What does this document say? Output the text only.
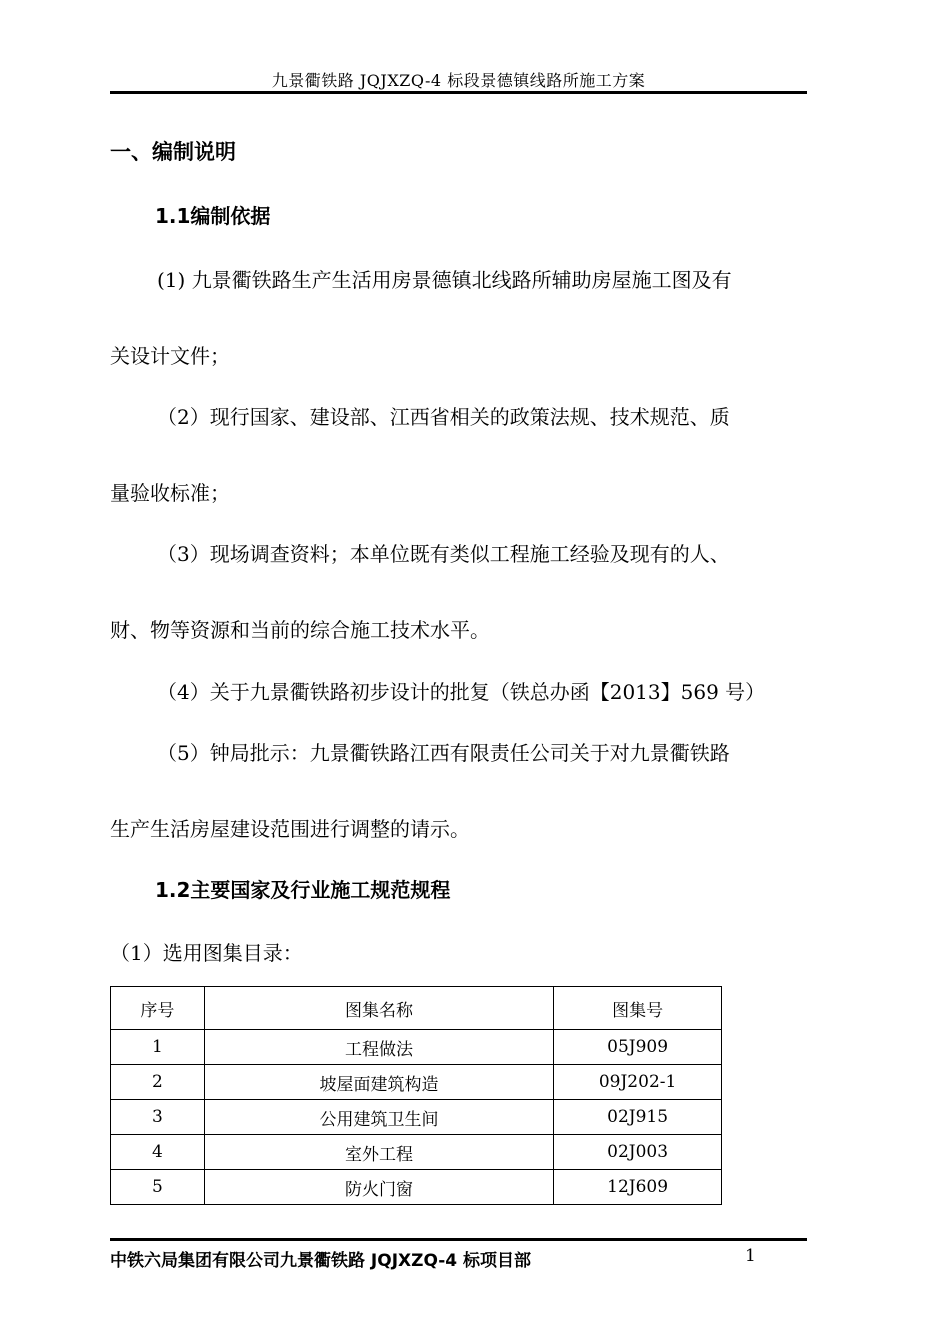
九景衢铁路 JQJXZQ-4 标段景德镇线路所施工方案
一、编制说明
1.1编制依据
(1) 九景衢铁路生产生活用房景德镇北线路所辅助房屋施工图及有
关设计文件；
（2）现行国家、建设部、江西省相关的政策法规、技术规范、质
量验收标准；
（3）现场调查资料；本单位既有类似工程施工经验及现有的人、
财、物等资源和当前的综合施工技术水平。
（4）关于九景衢铁路初步设计的批复（铁总办函【2013】569 号）
（5）钟局批示：九景衢铁路江西有限责任公司关于对九景衢铁路
生产生活房屋建设范围进行调整的请示。
1.2主要国家及行业施工规范规程
（1）选用图集目录：
序号	图集名称	图集号
1	工程做法	05J909
2	坡屋面建筑构造	09J202-1
3	公用建筑卫生间	02J915
4	室外工程	02J003
5	防火门窗	12J609
中铁六局集团有限公司九景衢铁路 JQJXZQ-4 标项目部	1
